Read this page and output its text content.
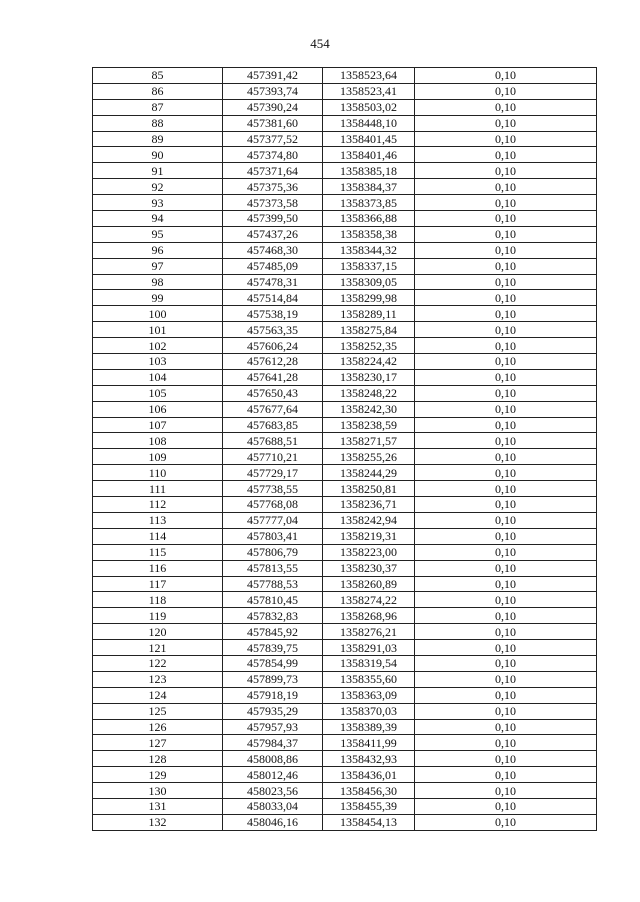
454
85	457391,42	1358523,64	0,10
86	457393,74	1358523,41	0,10
87	457390,24	1358503,02	0,10
88	457381,60	1358448,10	0,10
89	457377,52	1358401,45	0,10
90	457374,80	1358401,46	0,10
91	457371,64	1358385,18	0,10
92	457375,36	1358384,37	0,10
93	457373,58	1358373,85	0,10
94	457399,50	1358366,88	0,10
95	457437,26	1358358,38	0,10
96	457468,30	1358344,32	0,10
97	457485,09	1358337,15	0,10
98	457478,31	1358309,05	0,10
99	457514,84	1358299,98	0,10
100	457538,19	1358289,11	0,10
101	457563,35	1358275,84	0,10
102	457606,24	1358252,35	0,10
103	457612,28	1358224,42	0,10
104	457641,28	1358230,17	0,10
105	457650,43	1358248,22	0,10
106	457677,64	1358242,30	0,10
107	457683,85	1358238,59	0,10
108	457688,51	1358271,57	0,10
109	457710,21	1358255,26	0,10
110	457729,17	1358244,29	0,10
111	457738,55	1358250,81	0,10
112	457768,08	1358236,71	0,10
113	457777,04	1358242,94	0,10
114	457803,41	1358219,31	0,10
115	457806,79	1358223,00	0,10
116	457813,55	1358230,37	0,10
117	457788,53	1358260,89	0,10
118	457810,45	1358274,22	0,10
119	457832,83	1358268,96	0,10
120	457845,92	1358276,21	0,10
121	457839,75	1358291,03	0,10
122	457854,99	1358319,54	0,10
123	457899,73	1358355,60	0,10
124	457918,19	1358363,09	0,10
125	457935,29	1358370,03	0,10
126	457957,93	1358389,39	0,10
127	457984,37	1358411,99	0,10
128	458008,86	1358432,93	0,10
129	458012,46	1358436,01	0,10
130	458023,56	1358456,30	0,10
131	458033,04	1358455,39	0,10
132	458046,16	1358454,13	0,10
